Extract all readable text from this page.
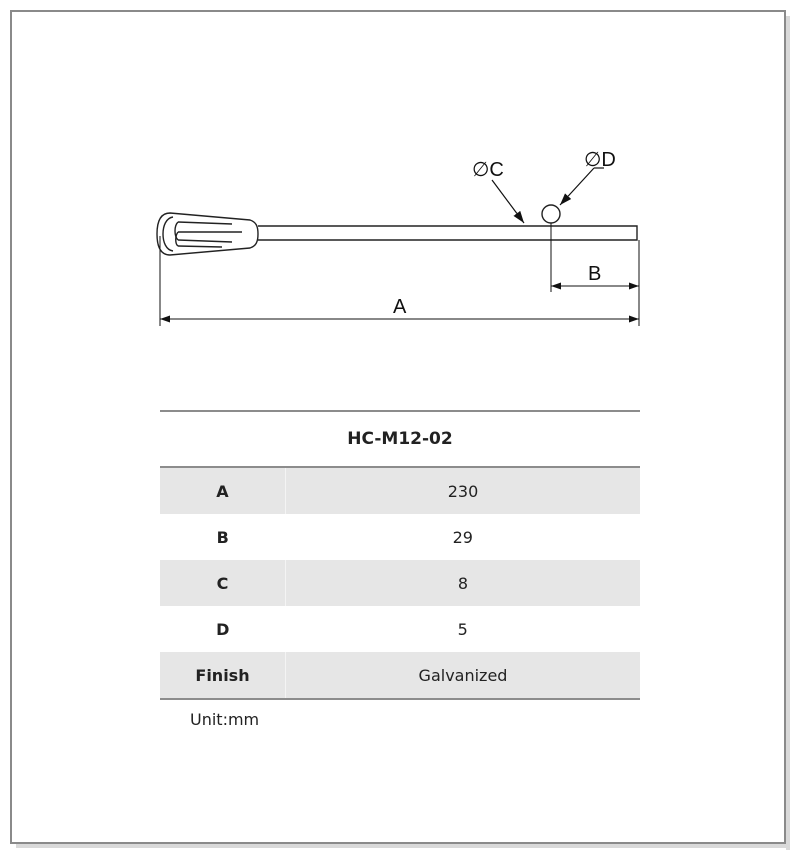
∅C	∅D
B
A
HC-M12-02	
A	230
B	29
C	8
D	5
Finish	Galvanized
Unit:mm
